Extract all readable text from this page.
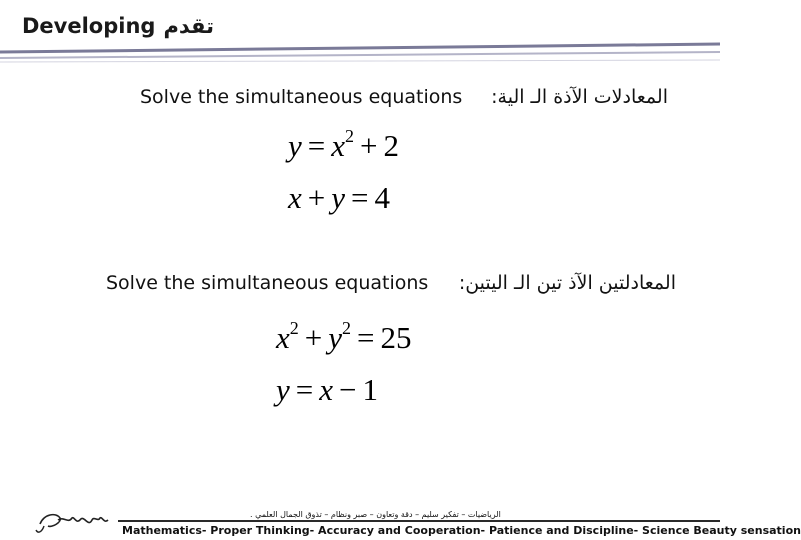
Developing تقدم
Solve the simultaneous equations المعادلات الآذة الـ الية:
$y = x^2 + 2$
x + y = 4
Solve the simultaneous equations المعادلتين الآذ تين الـ اليتين:
$x^2 + y^2 = 25$
y = x − 1
الرياضيات – تفكير سليم – دقة وتعاون – صبر ونظام – تذوق الجمال العلمي .
Mathematics- Proper Thinking- Accuracy and Cooperation- Patience and Discipline- Science Beauty sensation
